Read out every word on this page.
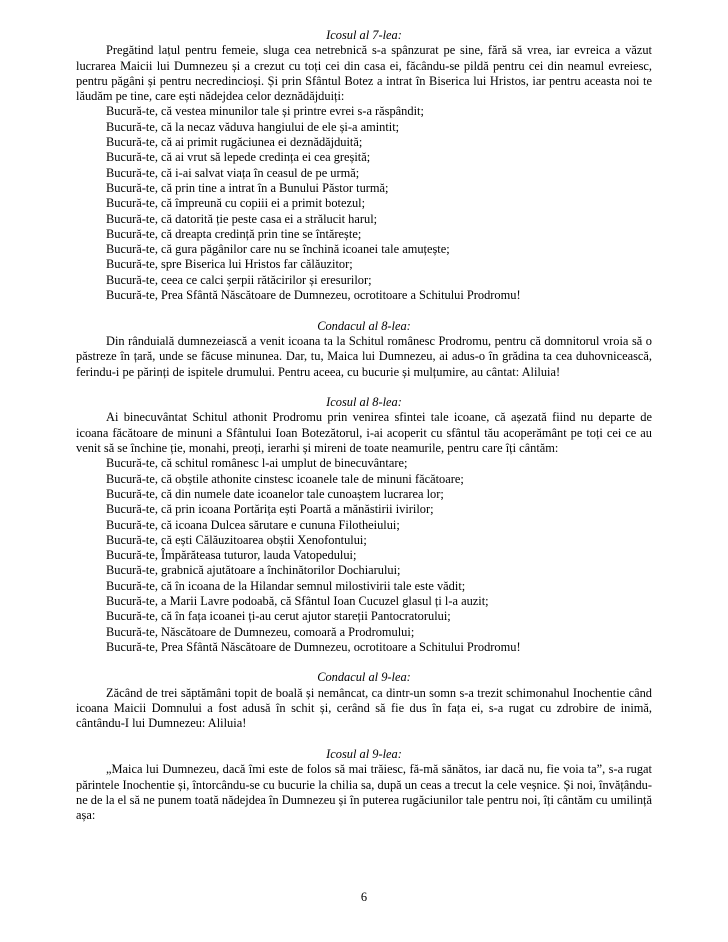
Icosul al 7-lea:

Pregătind lațul pentru femeie, sluga cea netrebnică s-a spânzurat pe sine, fără să vrea, iar evreica a văzut lucrarea Maicii lui Dumnezeu și a crezut cu toți cei din casa ei, făcându-se pildă pentru cei din neamul evreiesc, pentru păgâni și pentru necredincioși. Și prin Sfântul Botez a intrat în Biserica lui Hristos, iar pentru aceasta noi te lăudăm pe tine, care ești nădejdea celor deznădăjduiți:

Bucură-te, că vestea minunilor tale și printre evrei s-a răspândit;

Bucură-te, că la necaz văduva hangiului de ele și-a amintit;

Bucură-te, că ai primit rugăciunea ei deznădăjduită;

Bucură-te, că ai vrut să lepede credința ei cea greșită;

Bucură-te, că i-ai salvat viața în ceasul de pe urmă;

Bucură-te, că prin tine a intrat în a Bunului Păstor turmă;

Bucură-te, că împreună cu copiii ei a primit botezul;

Bucură-te, că datorită ție peste casa ei a strălucit harul;

Bucură-te, că dreapta credință prin tine se întărește;

Bucură-te, că gura păgânilor care nu se închină icoanei tale amuțește;

Bucură-te, spre Biserica lui Hristos far călăuzitor;

Bucură-te, ceea ce calci șerpii rătăcirilor și eresurilor;

Bucură-te, Prea Sfântă Născătoare de Dumnezeu, ocrotitoare a Schitului Prodromu!

Condacul al 8-lea:

Din rânduială dumnezeiască a venit icoana ta la Schitul românesc Prodromu, pentru că domnitorul vroia să o păstreze în țară, unde se făcuse minunea. Dar, tu, Maica lui Dumnezeu, ai adus-o în grădina ta cea duhovnicească, ferindu-i pe părinți de ispitele drumului. Pentru aceea, cu bucurie și mulțumire, au cântat: Aliluia!

Icosul al 8-lea:

Ai binecuvântat Schitul athonit Prodromu prin venirea sfintei tale icoane, că așezată fiind nu departe de icoana făcătoare de minuni a Sfântului Ioan Botezătorul, i-ai acoperit cu sfântul tău acoperământ pe toți cei ce au venit să se închine ție, monahi, preoți, ierarhi și mireni de toate neamurile, pentru care îți cântăm:

Bucură-te, că schitul românesc l-ai umplut de binecuvântare;

Bucură-te, că obștile athonite cinstesc icoanele tale de minuni făcătoare;

Bucură-te, că din numele date icoanelor tale cunoaștem lucrarea lor;

Bucură-te, că prin icoana Portărița ești Poartă a mănăstirii ivirilor;

Bucură-te, că icoana Dulcea sărutare e cununa Filotheiului;

Bucură-te, că ești Călăuzitoarea obștii Xenofontului;

Bucură-te, Împărăteasa tuturor, lauda Vatopedului;

Bucură-te, grabnică ajutătoare a închinătorilor Dochiarului;

Bucură-te, că în icoana de la Hilandar semnul milostivirii tale este vădit;

Bucură-te, a Marii Lavre podoabă, că Sfântul Ioan Cucuzel glasul ți l-a auzit;

Bucură-te, că în fața icoanei ți-au cerut ajutor stareții Pantocratorului;

Bucură-te, Născătoare de Dumnezeu, comoară a Prodromului;

Bucură-te, Prea Sfântă Născătoare de Dumnezeu, ocrotitoare a Schitului Prodromu!

Condacul al 9-lea:

Zăcând de trei săptămâni topit de boală și nemâncat, ca dintr-un somn s-a trezit schimonahul Inochentie când icoana Maicii Domnului a fost adusă în schit și, cerând să fie dus în fața ei, s-a rugat cu zdrobire de inimă, cântându-I lui Dumnezeu: Aliluia!

Icosul al 9-lea:

„Maica lui Dumnezeu, dacă îmi este de folos să mai trăiesc, fă-mă sănătos, iar dacă nu, fie voia ta”, s-a rugat părintele Inochentie și, întorcându-se cu bucurie la chilia sa, după un ceas a trecut la cele veșnice. Și noi, învățându-ne de la el să ne punem toată nădejdea în Dumnezeu și în puterea rugăciunilor tale pentru noi, îți cântăm cu umilință așa:

6
